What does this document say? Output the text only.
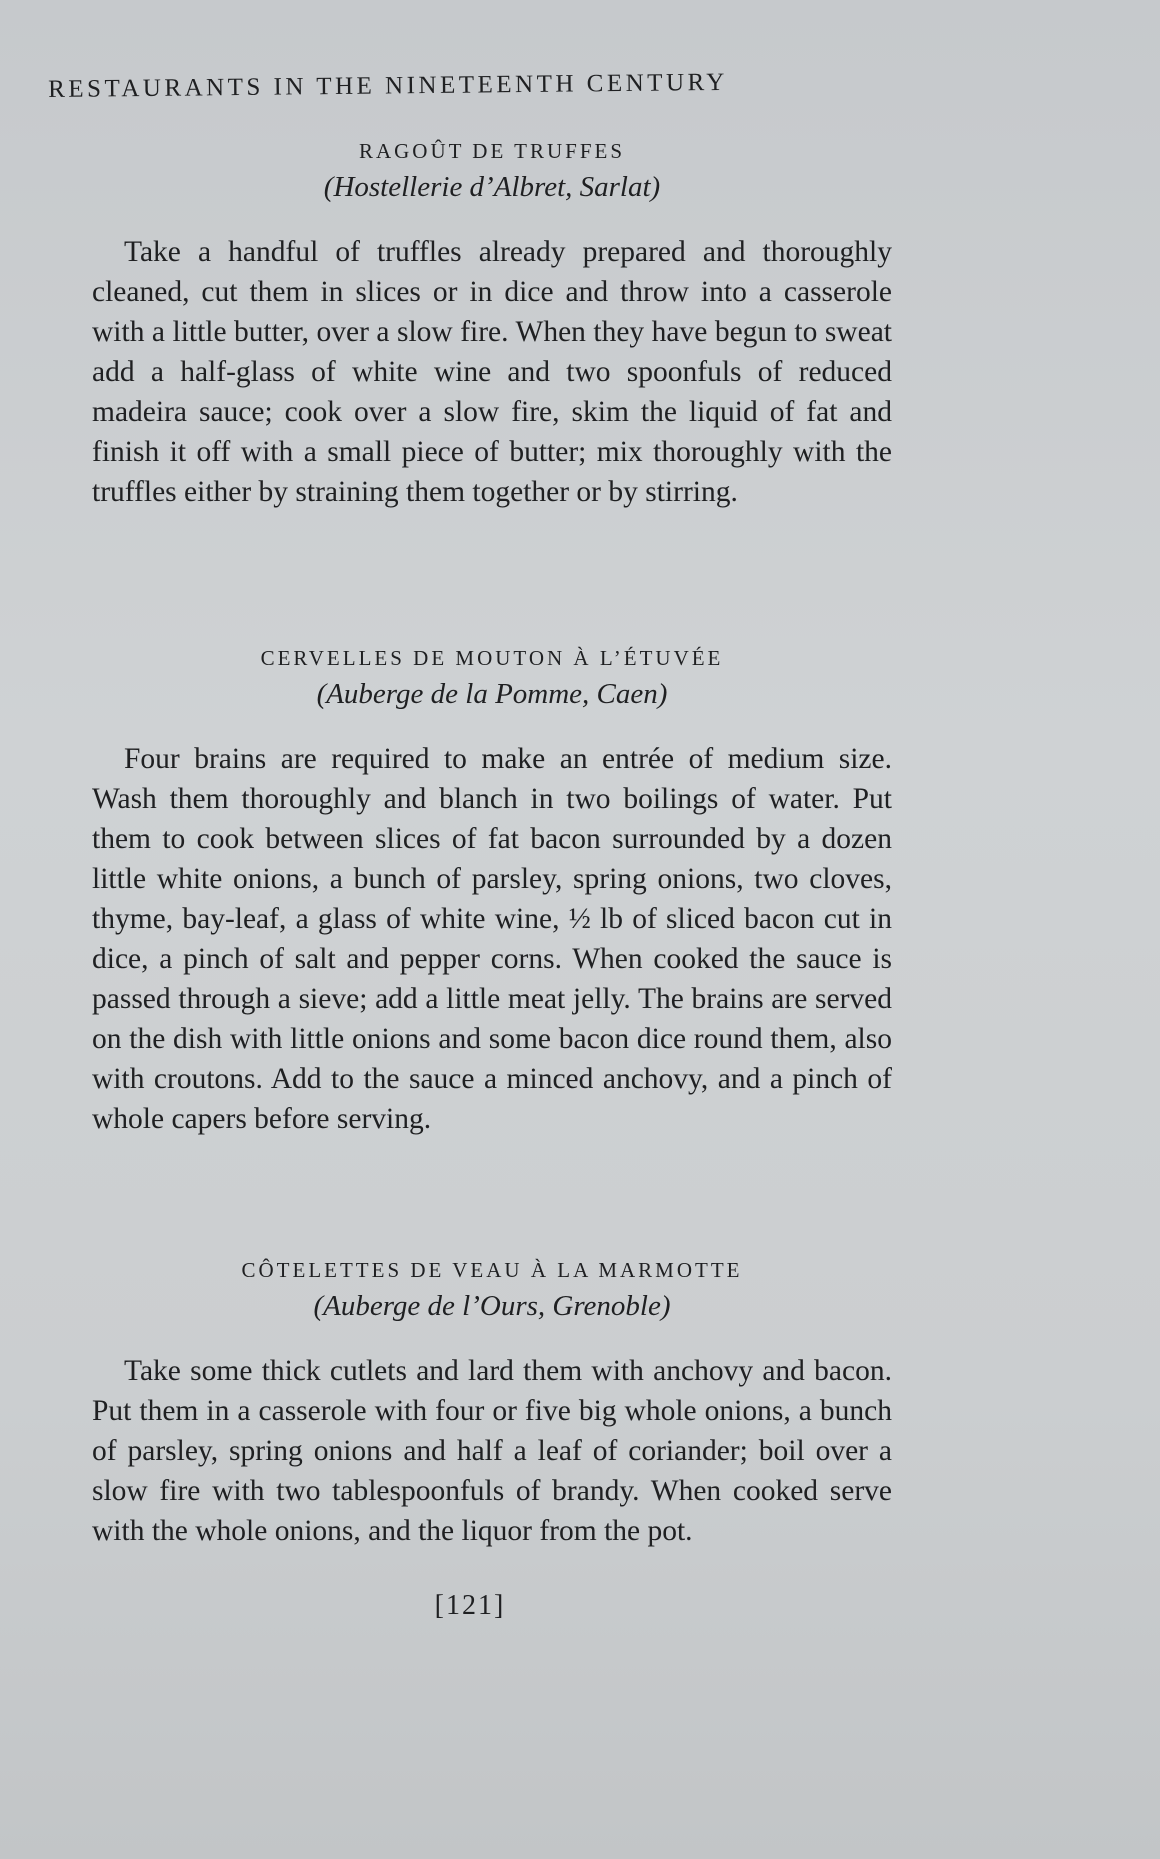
RESTAURANTS IN THE NINETEENTH CENTURY
RAGOÛT DE TRUFFES
(Hostellerie d’Albret, Sarlat)

Take a handful of truffles already prepared and thoroughly cleaned, cut them in slices or in dice and throw into a casserole with a little butter, over a slow fire. When they have begun to sweat add a half-glass of white wine and two spoonfuls of reduced madeira sauce; cook over a slow fire, skim the liquid of fat and finish it off with a small piece of butter; mix thoroughly with the truffles either by straining them together or by stirring.

CERVELLES DE MOUTON À L’ÉTUVÉE
(Auberge de la Pomme, Caen)

Four brains are required to make an entrée of medium size. Wash them thoroughly and blanch in two boilings of water. Put them to cook between slices of fat bacon surrounded by a dozen little white onions, a bunch of parsley, spring onions, two cloves, thyme, bay-leaf, a glass of white wine, ½ lb of sliced bacon cut in dice, a pinch of salt and pepper corns. When cooked the sauce is passed through a sieve; add a little meat jelly. The brains are served on the dish with little onions and some bacon dice round them, also with croutons. Add to the sauce a minced anchovy, and a pinch of whole capers before serving.

CÔTELETTES DE VEAU À LA MARMOTTE
(Auberge de l’Ours, Grenoble)

Take some thick cutlets and lard them with anchovy and bacon. Put them in a casserole with four or five big whole onions, a bunch of parsley, spring onions and half a leaf of coriander; boil over a slow fire with two tablespoonfuls of brandy. When cooked serve with the whole onions, and the liquor from the pot.

[121]
